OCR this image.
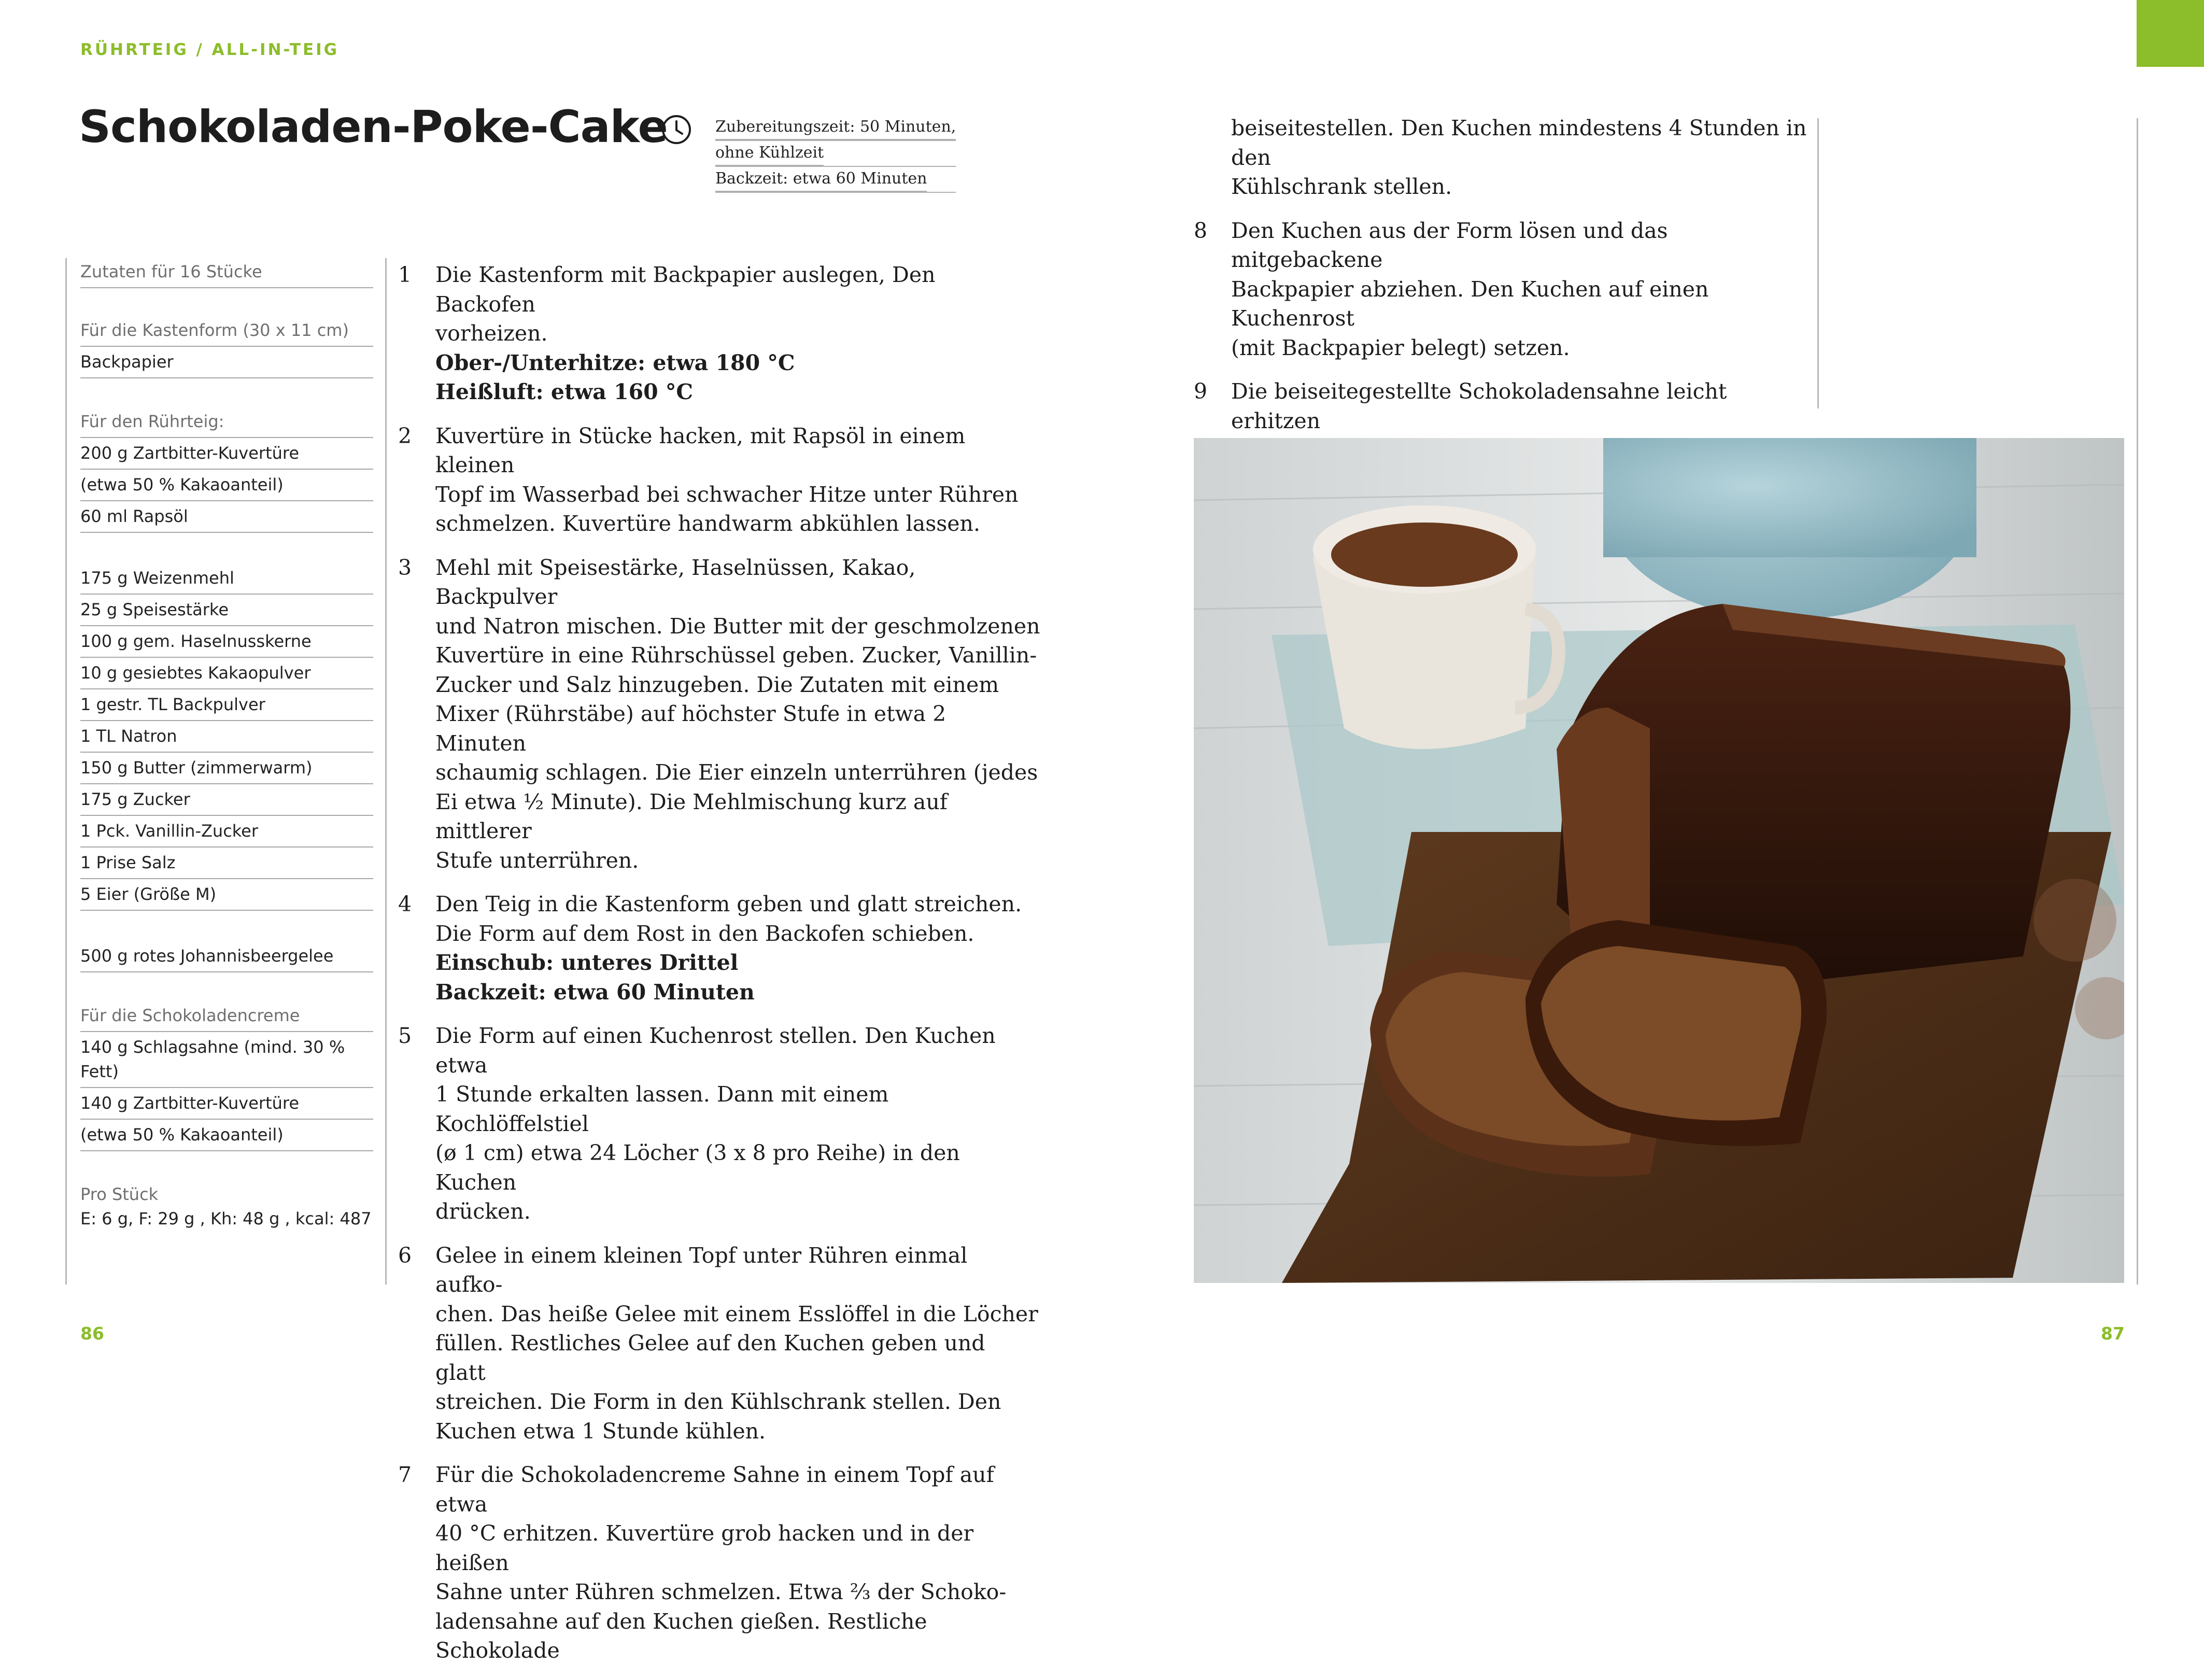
RÜHRTEIG / ALL-IN-TEIG
Schokoladen-Poke-Cake	Zubereitungszeit: 50 Minuten,
ohne Kühlzeit
Backzeit: etwa 60 Minuten
Zutaten für 16 Stücke
Für die Kastenform (30 x 11 cm)
Backpapier
Für den Rührteig:
200 g Zartbitter-Kuvertüre
(etwa 50 % Kakaoanteil)
60 ml Rapsöl
175 g Weizenmehl
25 g Speisestärke
100 g gem. Haselnusskerne
10 g gesiebtes Kakaopulver
1 gestr. TL Backpulver
1 TL Natron
150 g Butter (zimmerwarm)
175 g Zucker
1 Pck. Vanillin-Zucker
1 Prise Salz
5 Eier (Größe M)
500 g rotes Johannisbeergelee
Für die Schokoladencreme
140 g Schlagsahne (mind. 30 % Fett)
140 g Zartbitter-Kuvertüre
(etwa 50 % Kakaoanteil)
Pro Stück
E: 6 g, F: 29 g , Kh: 48 g , kcal: 487
1 Die Kastenform mit Backpapier auslegen, Den Backofen
vorheizen.
Ober-/Unterhitze: etwa 180 °C
Heißluft: etwa 160 °C
2 Kuvertüre in Stücke hacken, mit Rapsöl in einem kleinen
Topf im Wasserbad bei schwacher Hitze unter Rühren
schmelzen. Kuvertüre handwarm abkühlen lassen.
3 Mehl mit Speisestärke, Haselnüssen, Kakao, Backpulver
und Natron mischen. Die Butter mit der geschmolzenen
Kuvertüre in eine Rührschüssel geben. Zucker, Vanillin-
Zucker und Salz hinzugeben. Die Zutaten mit einem
Mixer (Rührstäbe) auf höchster Stufe in etwa 2 Minuten
schaumig schlagen. Die Eier einzeln unterrühren (jedes
Ei etwa ½ Minute). Die Mehlmischung kurz auf mittlerer
Stufe unterrühren.
4 Den Teig in die Kastenform geben und glatt streichen.
Die Form auf dem Rost in den Backofen schieben.
Einschub: unteres Drittel
Backzeit: etwa 60 Minuten
5 Die Form auf einen Kuchenrost stellen. Den Kuchen etwa
1 Stunde erkalten lassen. Dann mit einem Kochlöffelstiel
(ø 1 cm) etwa 24 Löcher (3 x 8 pro Reihe) in den Kuchen
drücken.
6 Gelee in einem kleinen Topf unter Rühren einmal aufko-
chen. Das heiße Gelee mit einem Esslöffel in die Löcher
füllen. Restliches Gelee auf den Kuchen geben und glatt
streichen. Die Form in den Kühlschrank stellen. Den
Kuchen etwa 1 Stunde kühlen.
7 Für die Schokoladencreme Sahne in einem Topf auf etwa
40 °C erhitzen. Kuvertüre grob hacken und in der heißen
Sahne unter Rühren schmelzen. Etwa ⅔ der Schoko-
ladensahne auf den Kuchen gießen. Restliche Schokolade
beiseitestellen. Den Kuchen mindestens 4 Stunden in den
Kühlschrank stellen.
8 Den Kuchen aus der Form lösen und das mitgebackene
Backpapier abziehen. Den Kuchen auf einen Kuchenrost
(mit Backpapier belegt) setzen.
9 Die beiseitegestellte Schokoladensahne leicht erhitzen
86	87
